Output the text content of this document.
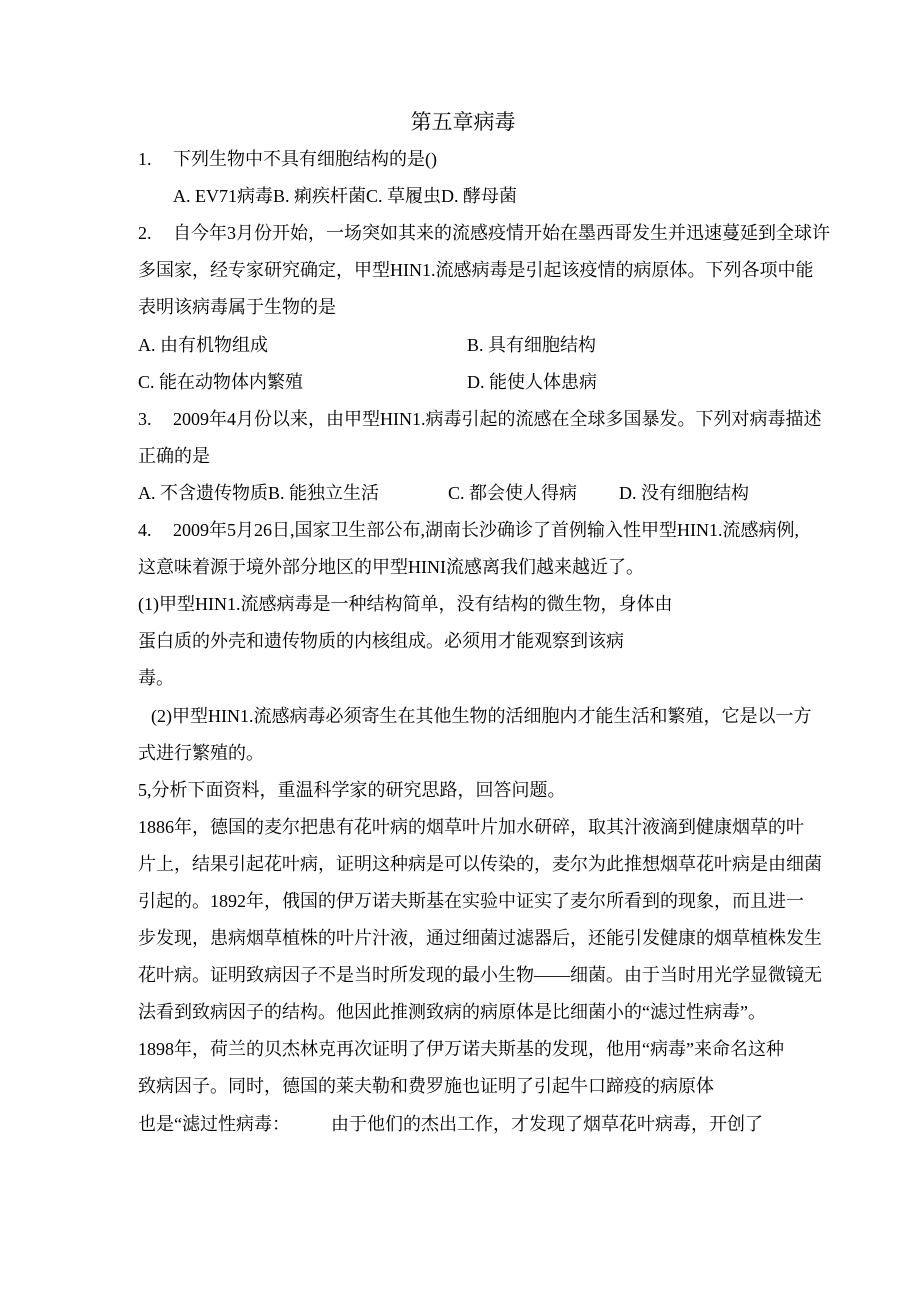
第五章病毒
1. 下列生物中不具有细胞结构的是()
A. EV71病毒B. 痢疾杆菌C. 草履虫D. 酵母菌
2. 自今年3月份开始，一场突如其来的流感疫情开始在墨西哥发生并迅速蔓延到全球许
多国家，经专家研究确定，甲型HIN1.流感病毒是引起该疫情的病原体。下列各项中能
表明该病毒属于生物的是
A. 由有机物组成	B. 具有细胞结构
C. 能在动物体内繁殖	D. 能使人体患病
3. 2009年4月份以来，由甲型HIN1.病毒引起的流感在全球多国暴发。下列对病毒描述
正确的是
A. 不含遗传物质B. 能独立生活	C. 都会使人得病 D. 没有细胞结构
4. 2009年5月26日,国家卫生部公布,湖南长沙确诊了首例输入性甲型HIN1.流感病例,
这意味着源于境外部分地区的甲型HINI流感离我们越来越近了。
(1)甲型HIN1.流感病毒是一种结构简单，没有结构的微生物，身体由
蛋白质的外壳和遗传物质的内核组成。必须用才能观察到该病
毒。
(2)甲型HIN1.流感病毒必须寄生在其他生物的活细胞内才能生活和繁殖，它是以一方
式进行繁殖的。
5,分析下面资料，重温科学家的研究思路，回答问题。
1886年，德国的麦尔把患有花叶病的烟草叶片加水研碎，取其汁液滴到健康烟草的叶
片上，结果引起花叶病，证明这种病是可以传染的，麦尔为此推想烟草花叶病是由细菌
引起的。1892年，俄国的伊万诺夫斯基在实验中证实了麦尔所看到的现象，而且进一
步发现，患病烟草植株的叶片汁液，通过细菌过滤器后，还能引发健康的烟草植株发生
花叶病。证明致病因子不是当时所发现的最小生物——细菌。由于当时用光学显微镜无
法看到致病因子的结构。他因此推测致病的病原体是比细菌小的“滤过性病毒”。
1898年，荷兰的贝杰林克再次证明了伊万诺夫斯基的发现，他用“病毒”来命名这种
致病因子。同时，德国的莱夫勒和费罗施也证明了引起牛口蹄疫的病原体
也是“滤过性病毒： 由于他们的杰出工作，才发现了烟草花叶病毒，开创了
